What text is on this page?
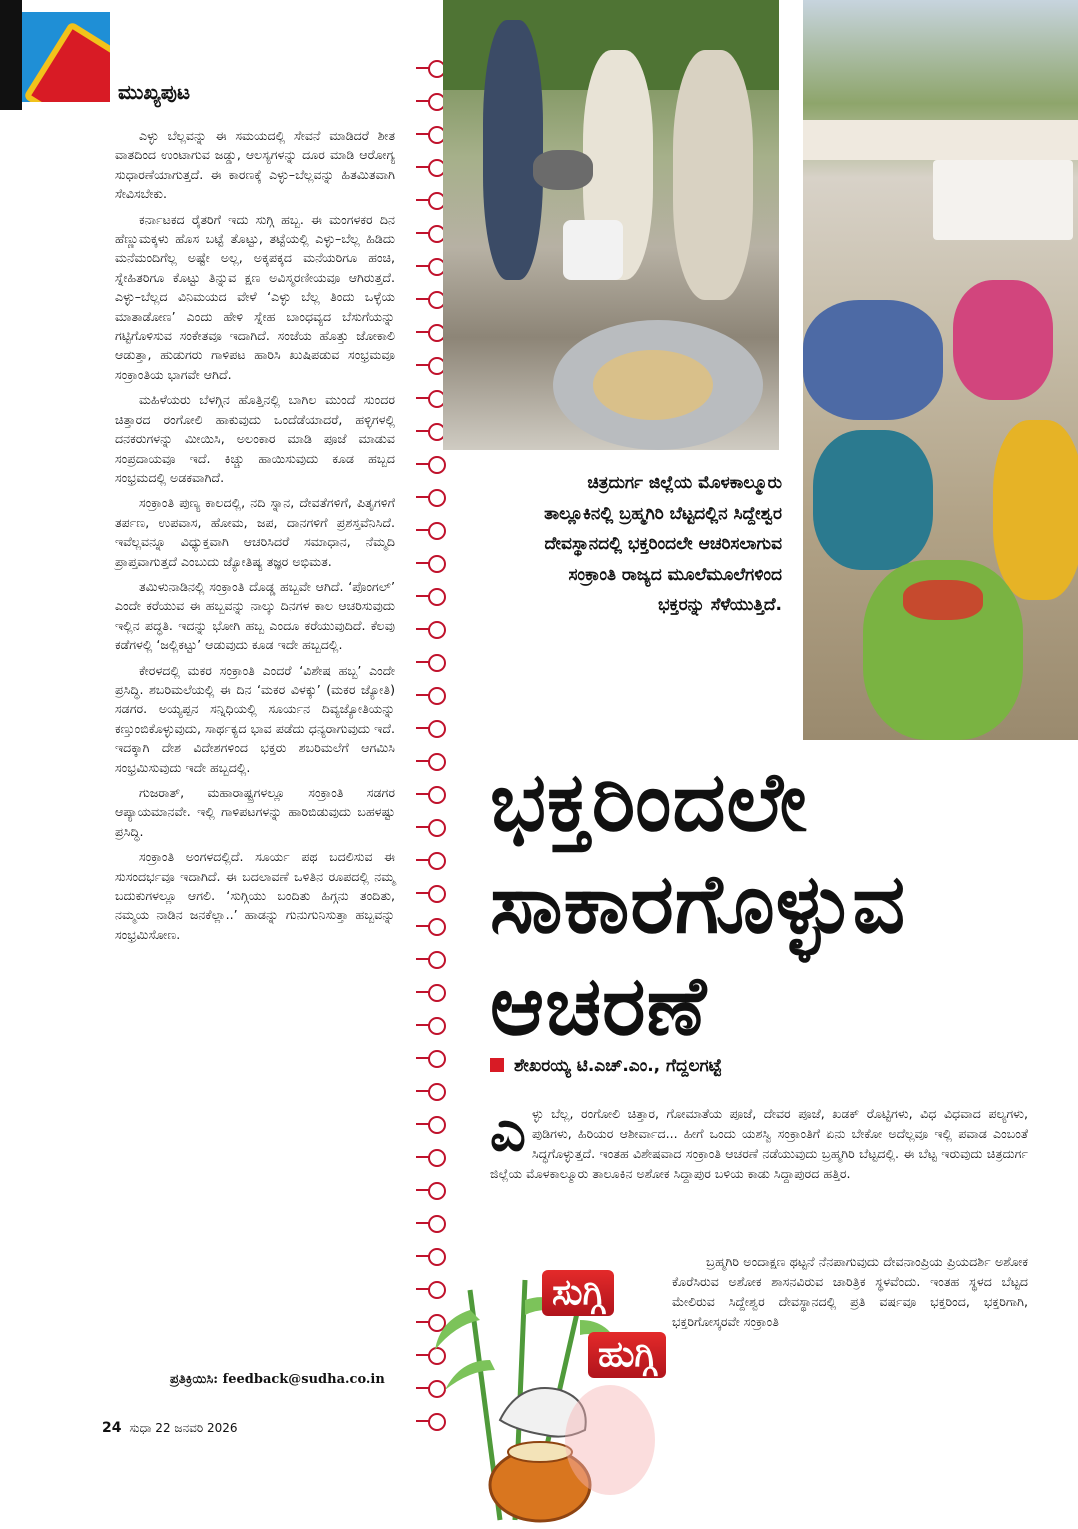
ಮುಖ್ಯಪುಟ

ಎಳ್ಳು ಬೆಲ್ಲವನ್ನು ಈ ಸಮಯದಲ್ಲಿ ಸೇವನೆ ಮಾಡಿದರೆ ಶೀತ ವಾತದಿಂದ ಉಂಟಾಗುವ ಜಡ್ಡು, ಆಲಸ್ಯಗಳನ್ನು ದೂರ ಮಾಡಿ ಆರೋಗ್ಯ ಸುಧಾರಣೆಯಾಗುತ್ತದೆ. ಈ ಕಾರಣಕ್ಕೆ ಎಳ್ಳು–ಬೆಲ್ಲವನ್ನು ಹಿತಮಿತವಾಗಿ ಸೇವಿಸಬೇಕು.

ಕರ್ನಾಟಕದ ರೈತರಿಗೆ ಇದು ಸುಗ್ಗಿ ಹಬ್ಬ. ಈ ಮಂಗಳಕರ ದಿನ ಹೆಣ್ಣುಮಕ್ಕಳು ಹೊಸ ಬಟ್ಟೆ ತೊಟ್ಟು, ತಟ್ಟೆಯಲ್ಲಿ ಎಳ್ಳು–ಬೆಲ್ಲ ಹಿಡಿದು ಮನೆಮಂದಿಗೆಲ್ಲ ಅಷ್ಟೇ ಅಲ್ಲ, ಅಕ್ಕಪಕ್ಕದ ಮನೆಯರಿಗೂ ಹಂಚಿ, ಸ್ನೇಹಿತರಿಗೂ ಕೊಟ್ಟು ತಿನ್ನುವ ಕ್ಷಣ ಅವಿಸ್ಮರಣೀಯವೂ ಆಗಿರುತ್ತದೆ. ಎಳ್ಳು–ಬೆಲ್ಲದ ವಿನಿಮಯದ ವೇಳೆ ‘ಎಳ್ಳು ಬೆಲ್ಲ ತಿಂದು ಒಳ್ಳೆಯ ಮಾತಾಡೋಣ’ ಎಂದು ಹೇಳಿ ಸ್ನೇಹ ಬಾಂಧವ್ಯದ ಬೆಸುಗೆಯನ್ನು ಗಟ್ಟಿಗೊಳಿಸುವ ಸಂಕೇತವೂ ಇದಾಗಿದೆ. ಸಂಜೆಯ ಹೊತ್ತು ಜೋಕಾಲಿ ಆಡುತ್ತಾ, ಹುಡುಗರು ಗಾಳಿಪಟ ಹಾರಿಸಿ ಖುಷಿಪಡುವ ಸಂಭ್ರಮವೂ ಸಂಕ್ರಾಂತಿಯ ಭಾಗವೇ ಆಗಿದೆ.

ಮಹಿಳೆಯರು ಬೆಳಗ್ಗಿನ ಹೊತ್ತಿನಲ್ಲಿ ಬಾಗಿಲ ಮುಂದೆ ಸುಂದರ ಚಿತ್ತಾರದ ರಂಗೋಲಿ ಹಾಕುವುದು ಒಂದೆಡೆಯಾದರೆ, ಹಳ್ಳಿಗಳಲ್ಲಿ ದನಕರುಗಳನ್ನು ಮೀಯಿಸಿ, ಅಲಂಕಾರ ಮಾಡಿ ಪೂಜೆ ಮಾಡುವ ಸಂಪ್ರದಾಯವೂ ಇದೆ. ಕಿಚ್ಚು ಹಾಯಿಸುವುದು ಕೂಡ ಹಬ್ಬದ ಸಂಭ್ರಮದಲ್ಲಿ ಅಡಕವಾಗಿದೆ.

ಸಂಕ್ರಾಂತಿ ಪುಣ್ಯ ಕಾಲದಲ್ಲಿ, ನದಿ ಸ್ನಾನ, ದೇವತೆಗಳಿಗೆ, ಪಿತೃಗಳಿಗೆ ತರ್ಪಣ, ಉಪವಾಸ, ಹೋಮ, ಜಪ, ದಾನಗಳಿಗೆ ಪ್ರಶಸ್ತವೆನಿಸಿದೆ. ಇವೆಲ್ಲವನ್ನೂ ವಿಧ್ಯುಕ್ತವಾಗಿ ಆಚರಿಸಿದರೆ ಸಮಾಧಾನ, ನೆಮ್ಮದಿ ಪ್ರಾಪ್ತವಾಗುತ್ತದೆ ಎಂಬುದು ಜ್ಯೋತಿಷ್ಯ ತಜ್ಞರ ಅಭಿಮತ.

ತಮಿಳುನಾಡಿನಲ್ಲಿ ಸಂಕ್ರಾಂತಿ ದೊಡ್ಡ ಹಬ್ಬವೇ ಆಗಿದೆ. ‘ಪೊಂಗಲ್’ ಎಂದೇ ಕರೆಯುವ ಈ ಹಬ್ಬವನ್ನು ನಾಲ್ಕು ದಿನಗಳ ಕಾಲ ಆಚರಿಸುವುದು ಇಲ್ಲಿನ ಪದ್ಧತಿ. ಇದನ್ನು ಭೋಗಿ ಹಬ್ಬ ಎಂದೂ ಕರೆಯುವುದಿದೆ. ಕೆಲವು ಕಡೆಗಳಲ್ಲಿ ‘ಜಲ್ಲಿಕಟ್ಟು’ ಆಡುವುದು ಕೂಡ ಇದೇ ಹಬ್ಬದಲ್ಲಿ.

ಕೇರಳದಲ್ಲಿ ಮಕರ ಸಂಕ್ರಾಂತಿ ಎಂದರೆ ‘ವಿಶೇಷ ಹಬ್ಬ’ ಎಂದೇ ಪ್ರಸಿದ್ಧಿ. ಶಬರಿಮಲೆಯಲ್ಲಿ ಈ ದಿನ ‘ಮಕರ ವಿಳಕ್ಕು’ (ಮಕರ ಜ್ಯೋತಿ) ಸಡಗರ. ಅಯ್ಯಪ್ಪನ ಸನ್ನಿಧಿಯಲ್ಲಿ ಸೂರ್ಯನ ದಿವ್ಯಜ್ಯೋತಿಯನ್ನು ಕಣ್ತುಂಬಿಕೊಳ್ಳುವುದು, ಸಾರ್ಥಕ್ಯದ ಭಾವ ಪಡೆದು ಧನ್ಯರಾಗುವುದು ಇದೆ. ಇದಕ್ಕಾಗಿ ದೇಶ ವಿದೇಶಗಳಿಂದ ಭಕ್ತರು ಶಬರಿಮಲೆಗೆ ಆಗಮಿಸಿ ಸಂಭ್ರಮಿಸುವುದು ಇದೇ ಹಬ್ಬದಲ್ಲಿ.

ಗುಜರಾತ್, ಮಹಾರಾಷ್ಟ್ರಗಳಲ್ಲೂ ಸಂಕ್ರಾಂತಿ ಸಡಗರ ಆಪ್ಯಾಯಮಾನವೇ. ಇಲ್ಲಿ ಗಾಳಿಪಟಗಳನ್ನು ಹಾರಿಬಿಡುವುದು ಬಹಳಷ್ಟು ಪ್ರಸಿದ್ಧಿ.

ಸಂಕ್ರಾಂತಿ ಅಂಗಳದಲ್ಲಿದೆ. ಸೂರ್ಯ ಪಥ ಬದಲಿಸುವ ಈ ಸುಸಂದರ್ಭವೂ ಇದಾಗಿದೆ. ಈ ಬದಲಾವಣೆ ಒಳಿತಿನ ರೂಪದಲ್ಲಿ ನಮ್ಮ ಬದುಕುಗಳಲ್ಲೂ ಆಗಲಿ. ‘ಸುಗ್ಗಿಯು ಬಂದಿತು ಹಿಗ್ಗನು ತಂದಿತು, ನಮ್ಮಯ ನಾಡಿನ ಜನಕೆಲ್ಲಾ..’ ಹಾಡನ್ನು ಗುನುಗುನಿಸುತ್ತಾ ಹಬ್ಬವನ್ನು ಸಂಭ್ರಮಿಸೋಣ.

ಪ್ರತಿಕ್ರಿಯಿಸಿ: feedback@sudha.co.in
24 ಸುಧಾ 22 ಜನವರಿ 2026
ಚಿತ್ರದುರ್ಗ ಜಿಲ್ಲೆಯ ಮೊಳಕಾಲ್ಮೂರು ತಾಲ್ಲೂಕಿನಲ್ಲಿ ಬ್ರಹ್ಮಗಿರಿ ಬೆಟ್ಟದಲ್ಲಿನ ಸಿದ್ದೇಶ್ವರ ದೇವಸ್ಥಾನದಲ್ಲಿ ಭಕ್ತರಿಂದಲೇ ಆಚರಿಸಲಾಗುವ ಸಂಕ್ರಾಂತಿ ರಾಜ್ಯದ ಮೂಲೆಮೂಲೆಗಳಿಂದ ಭಕ್ತರನ್ನು ಸೆಳೆಯುತ್ತಿದೆ.
ಭಕ್ತರಿಂದಲೇ
ಸಾಕಾರಗೊಳ್ಳುವ
ಆಚರಣೆ
ಶೇಖರಯ್ಯ ಟಿ.ಎಚ್.ಎಂ., ಗೆದ್ದಲಗಟ್ಟೆ
ಎಳ್ಳು ಬೆಲ್ಲ, ರಂಗೋಲಿ ಚಿತ್ತಾರ, ಗೋಮಾತೆಯ ಪೂಜೆ, ದೇವರ ಪೂಜೆ, ಖಡಕ್ ರೊಟ್ಟಿಗಳು, ವಿಧ ವಿಧವಾದ ಪಲ್ಯಗಳು, ಪುಡಿಗಳು, ಹಿರಿಯರ ಆಶೀರ್ವಾದ... ಹೀಗೆ ಒಂದು ಯಶಸ್ವಿ ಸಂಕ್ರಾಂತಿಗೆ ಏನು ಬೇಕೋ ಅದೆಲ್ಲವೂ ಇಲ್ಲಿ ಪವಾಡ ಎಂಬಂತೆ ಸಿದ್ಧಗೊಳ್ಳುತ್ತದೆ. ಇಂತಹ ವಿಶೇಷವಾದ ಸಂಕ್ರಾಂತಿ ಆಚರಣೆ ನಡೆಯುವುದು ಬ್ರಹ್ಮಗಿರಿ ಬೆಟ್ಟದಲ್ಲಿ. ಈ ಬೆಟ್ಟ ಇರುವುದು ಚಿತ್ರದುರ್ಗ ಜಿಲ್ಲೆಯ ಮೊಳಕಾಲ್ಮೂರು ತಾಲೂಕಿನ ಅಶೋಕ ಸಿದ್ದಾಪುರ ಬಳಿಯ ಕಾಡು ಸಿದ್ದಾಪುರದ ಹತ್ತಿರ.
ಬ್ರಹ್ಮಗಿರಿ ಅಂದಾಕ್ಷಣ ಥಟ್ಟನೆ ನೆನಪಾಗುವುದು ದೇವನಾಂಪ್ರಿಯ ಪ್ರಿಯದರ್ಶಿ ಅಶೋಕ ಕೊರೆಸಿರುವ ಅಶೋಕ ಶಾಸನವಿರುವ ಚಾರಿತ್ರಿಕ ಸ್ಥಳವೆಂದು. ಇಂತಹ ಸ್ಥಳದ ಬೆಟ್ಟದ ಮೇಲಿರುವ ಸಿದ್ದೇಶ್ವರ ದೇವಸ್ಥಾನದಲ್ಲಿ ಪ್ರತಿ ವರ್ಷವೂ ಭಕ್ತರಿಂದ, ಭಕ್ತರಿಗಾಗಿ, ಭಕ್ತರಿಗೋಸ್ಕರವೇ ಸಂಕ್ರಾಂತಿ
ಸುಗ್ಗಿ
ಹುಗ್ಗಿ
